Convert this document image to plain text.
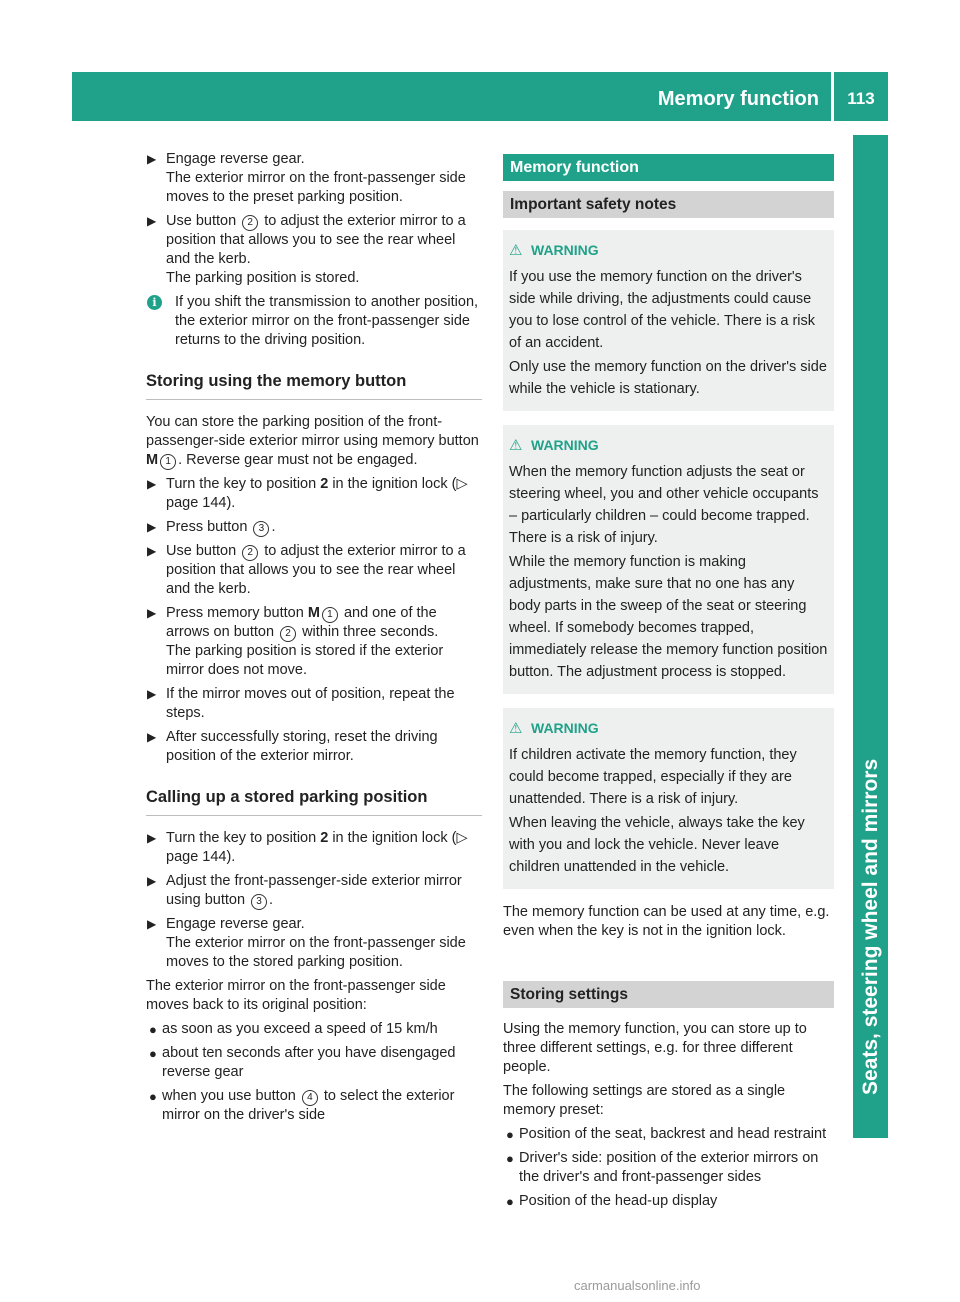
Memory function	113
Seats, steering wheel and mirrors
▶ Engage reverse gear.
The exterior mirror on the front-passenger side moves to the preset parking position.
▶ Use button 2 to adjust the exterior mirror to a position that allows you to see the rear wheel and the kerb.
The parking position is stored.
i	If you shift the transmission to another position, the exterior mirror on the front-passenger side returns to the driving position.
Storing using the memory button
You can store the parking position of the front-passenger-side exterior mirror using memory button M 1 . Reverse gear must not be engaged.
▶ Turn the key to position 2 in the ignition lock (▷ page 144).
▶ Press button 3 .
▶ Use button 2 to adjust the exterior mirror to a position that allows you to see the rear wheel and the kerb.
▶ Press memory button M 1 and one of the arrows on button 2 within three seconds.
The parking position is stored if the exterior mirror does not move.
▶ If the mirror moves out of position, repeat the steps.
▶ After successfully storing, reset the driving position of the exterior mirror.
Calling up a stored parking position
▶ Turn the key to position 2 in the ignition lock (▷ page 144).
▶ Adjust the front-passenger-side exterior mirror using button 3 .
▶ Engage reverse gear.
The exterior mirror on the front-passenger side moves to the stored parking position.
The exterior mirror on the front-passenger side moves back to its original position:
● as soon as you exceed a speed of 15 km/h
● about ten seconds after you have disengaged reverse gear
● when you use button 4 to select the exterior mirror on the driver's side
Memory function
Important safety notes
⚠ WARNING

If you use the memory function on the driver's side while driving, the adjustments could cause you to lose control of the vehicle. There is a risk of an accident.

Only use the memory function on the driver's side while the vehicle is stationary.

⚠ WARNING

When the memory function adjusts the seat or steering wheel, you and other vehicle occupants – particularly children – could become trapped. There is a risk of injury.

While the memory function is making adjustments, make sure that no one has any body parts in the sweep of the seat or steering wheel. If somebody becomes trapped, immediately release the memory function position button. The adjustment process is stopped.

⚠ WARNING

If children activate the memory function, they could become trapped, especially if they are unattended. There is a risk of injury.

When leaving the vehicle, always take the key with you and lock the vehicle. Never leave children unattended in the vehicle.

The memory function can be used at any time, e.g. even when the key is not in the ignition lock.
Storing settings
Using the memory function, you can store up to three different settings, e.g. for three different people.
The following settings are stored as a single memory preset:
● Position of the seat, backrest and head restraint
● Driver's side: position of the exterior mirrors on the driver's and front-passenger sides
● Position of the head-up display
carmanualsonline.info
